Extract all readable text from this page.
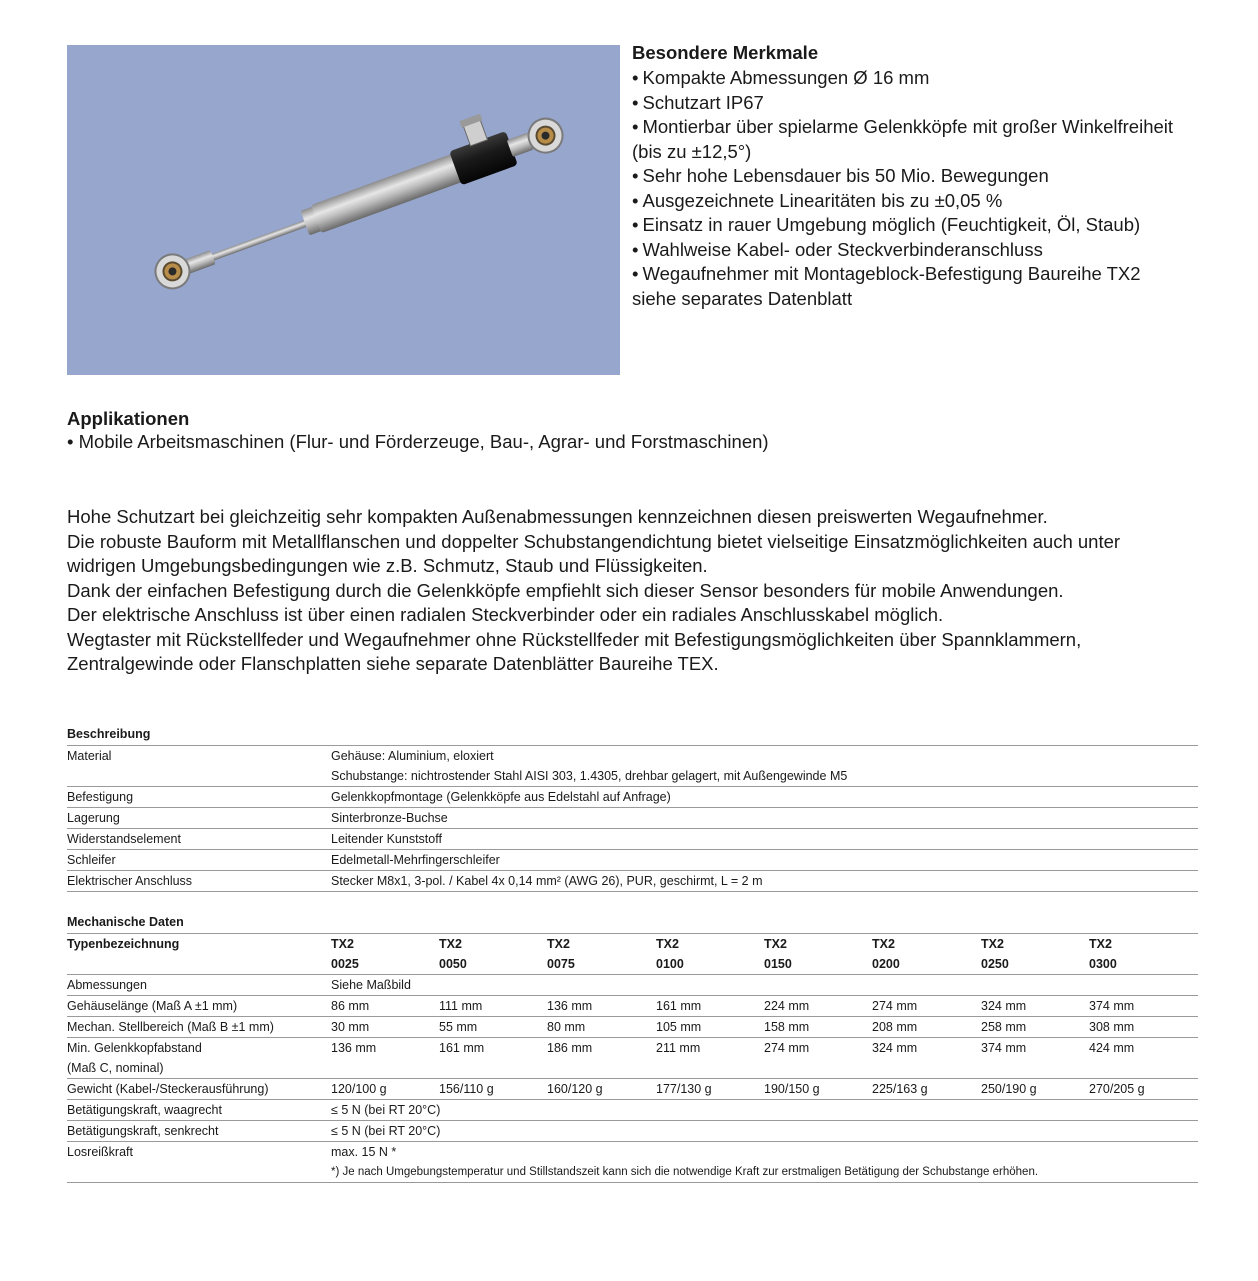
Besondere Merkmale
• Kompakte Abmessungen Ø 16 mm
• Schutzart IP67
• Montierbar über spielarme Gelenkköpfe mit großer Winkelfreiheit
(bis zu ±12,5°)
• Sehr hohe Lebensdauer bis 50 Mio. Bewegungen
• Ausgezeichnete Linearitäten bis zu ±0,05 %
• Einsatz in rauer Umgebung möglich (Feuchtigkeit, Öl, Staub)
• Wahlweise Kabel- oder Steckverbinderanschluss
• Wegaufnehmer mit Montageblock-Befestigung Baureihe TX2
siehe separates Datenblatt
Applikationen
• Mobile Arbeitsmaschinen (Flur- und Förderzeuge, Bau-, Agrar- und Forstmaschinen)

Hohe Schutzart bei gleichzeitig sehr kompakten Außenabmessungen kennzeichnen diesen preiswerten Wegaufnehmer.

Die robuste Bauform mit Metallflanschen und doppelter Schubstangendichtung bietet vielseitige Einsatzmöglichkeiten auch unter

widrigen Umgebungsbedingungen wie z.B. Schmutz, Staub und Flüssigkeiten.

Dank der einfachen Befestigung durch die Gelenkköpfe empfiehlt sich dieser Sensor besonders für mobile Anwendungen.

Der elektrische Anschluss ist über einen radialen Steckverbinder oder ein radiales Anschlusskabel möglich.

Wegtaster mit Rückstellfeder und Wegaufnehmer ohne Rückstellfeder mit Befestigungsmöglichkeiten über Spannklammern,

Zentralgewinde oder Flanschplatten siehe separate Datenblätter Baureihe TEX.

Beschreibung	
Material	Gehäuse: Aluminium, eloxiert
	Schubstange: nichtrostender Stahl AISI 303, 1.4305, drehbar gelagert, mit Außengewinde M5
Befestigung	Gelenkkopfmontage (Gelenkköpfe aus Edelstahl auf Anfrage)
Lagerung	Sinterbronze-Buchse
Widerstandselement	Leitender Kunststoff
Schleifer	Edelmetall-Mehrfingerschleifer
Elektrischer Anschluss	Stecker M8x1, 3-pol. / Kabel 4x 0,14 mm² (AWG 26), PUR, geschirmt, L = 2 m
Mechanische Daten								
Typenbezeichnung	TX2	TX2	TX2	TX2	TX2	TX2	TX2	TX2
	0025	0050	0075	0100	0150	0200	0250	0300
Abmessungen	Siehe Maßbild							
Gehäuselänge (Maß A ±1 mm)	86 mm	111 mm	136 mm	161 mm	224 mm	274 mm	324 mm	374 mm
Mechan. Stellbereich (Maß B ±1 mm)	30 mm	55 mm	80 mm	105 mm	158 mm	208 mm	258 mm	308 mm
Min. Gelenkkopfabstand	136 mm	161 mm	186 mm	211 mm	274 mm	324 mm	374 mm	424 mm
(Maß C, nominal)								
Gewicht (Kabel-/Steckerausführung)	120/100 g	156/110 g	160/120 g	177/130 g	190/150 g	225/163 g	250/190 g	270/205 g
Betätigungskraft, waagrecht	≤ 5 N (bei RT 20°C)							
Betätigungskraft, senkrecht	≤ 5 N (bei RT 20°C)							
Losreißkraft	max. 15 N *							
	*) Je nach Umgebungstemperatur und Stillstandszeit kann sich die notwendige Kraft zur erstmaligen Betätigung der Schubstange erhöhen.							
